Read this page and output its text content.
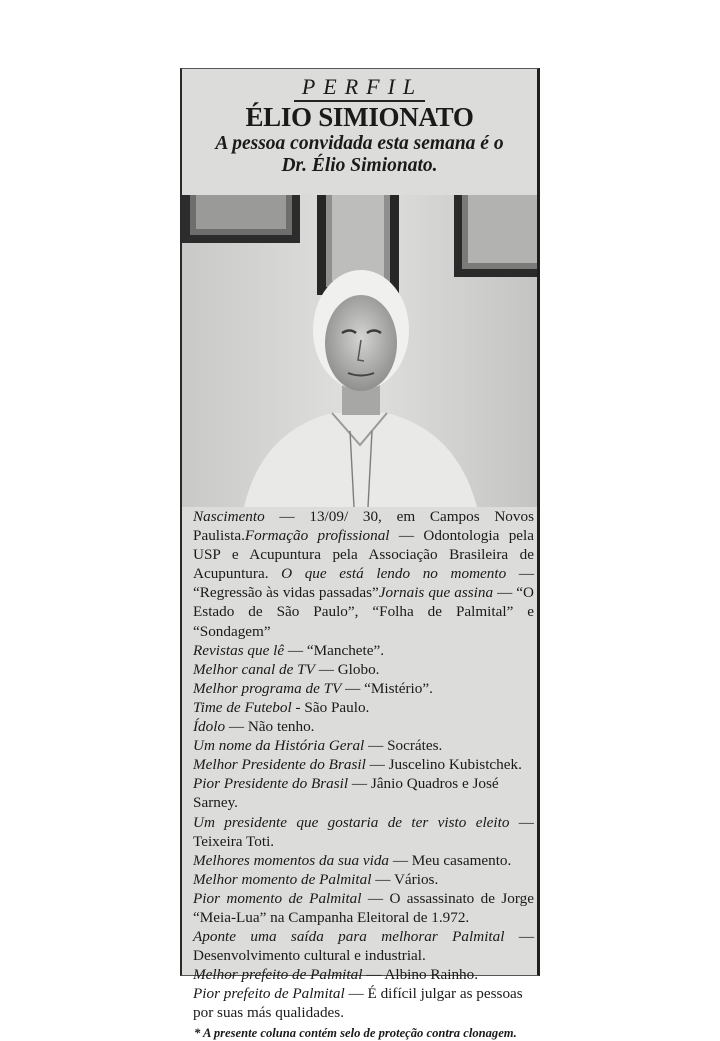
PERFIL
ÉLIO SIMIONATO
A pessoa convidada esta semana é o
Dr. Élio Simionato.

Nascimento — 13/09/ 30, em Campos Novos Paulista.Formação profissional — Odontologia pela USP e Acupuntura pela Associação Brasileira de Acupuntura. O que está lendo no momento — “Regressão às vidas passadas”Jornais que assina — “O Estado de São Paulo”, “Folha de Palmital” e “Sondagem”

Revistas que lê — “Manchete”.

Melhor canal de TV — Globo.

Melhor programa de TV — “Mistério”.

Time de Futebol - São Paulo.

Ídolo — Não tenho.

Um nome da História Geral — Socrátes.

Melhor Presidente do Brasil — Juscelino Kubistchek.

Pior Presidente do Brasil — Jânio Quadros e José Sarney.

Um presidente que gostaria de ter visto eleito — Teixeira Toti.

Melhores momentos da sua vida — Meu casamento.

Melhor momento de Palmital — Vários.

Pior momento de Palmital — O assassinato de Jorge “Meia-Lua” na Campanha Eleitoral de 1.972.

Aponte uma saída para melhorar Palmital — Desenvolvimento cultural e industrial.

Melhor prefeito de Palmital — Albino Rainho.

Pior prefeito de Palmital — É difícil julgar as pessoas por suas más qualidades.

* A presente coluna contém selo de proteção contra clonagem.
